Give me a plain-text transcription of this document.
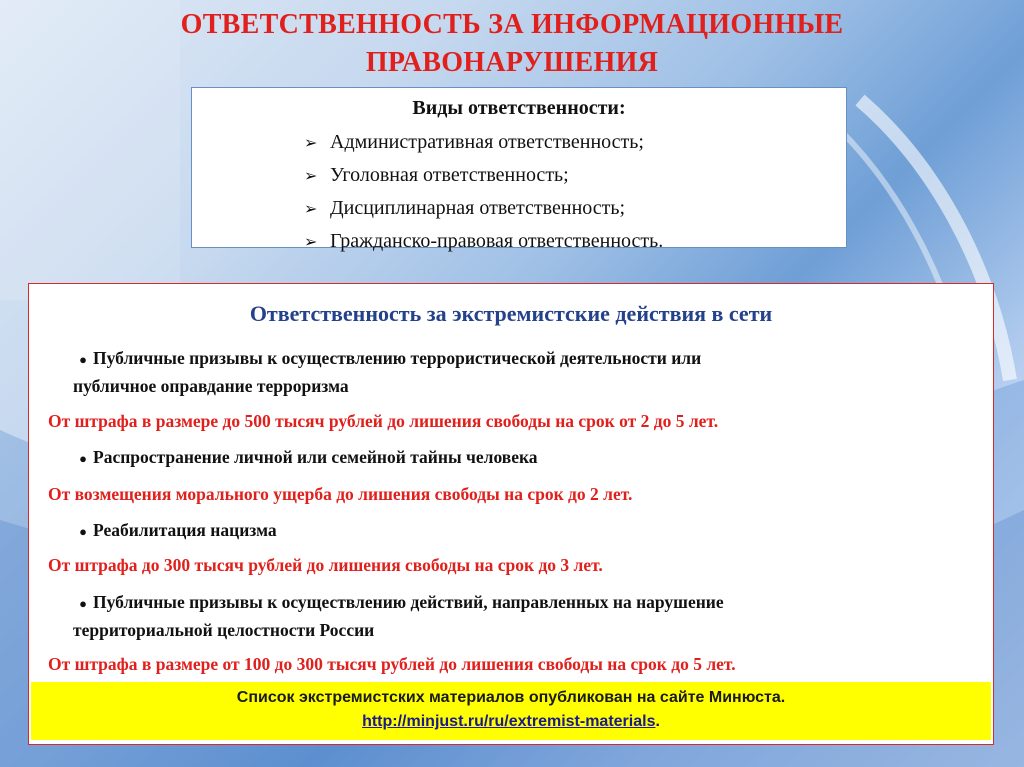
ОТВЕТСТВЕННОСТЬ ЗА ИНФОРМАЦИОННЫЕ
ПРАВОНАРУШЕНИЯ
Виды ответственности:
➢ Административная ответственность;
➢ Уголовная ответственность;
➢ Дисциплинарная ответственность;
➢ Гражданско-правовая ответственность.
Ответственность за экстремистские действия в сети
● Публичные призывы к осуществлению террористической деятельности или
публичное оправдание терроризма
От штрафа в размере до 500 тысяч рублей до лишения свободы на срок от 2 до 5 лет.
● Распространение личной или семейной тайны человека
От возмещения морального ущерба до лишения свободы на срок до 2 лет.
● Реабилитация нацизма
От штрафа до 300 тысяч рублей до лишения свободы на срок до 3 лет.
● Публичные призывы к осуществлению действий, направленных на нарушение
территориальной целостности России
От штрафа в размере от 100 до 300 тысяч рублей до лишения свободы на срок до 5 лет.
Список экстремистских материалов опубликован на сайте Минюста.
http://minjust.ru/ru/extremist-materials.
